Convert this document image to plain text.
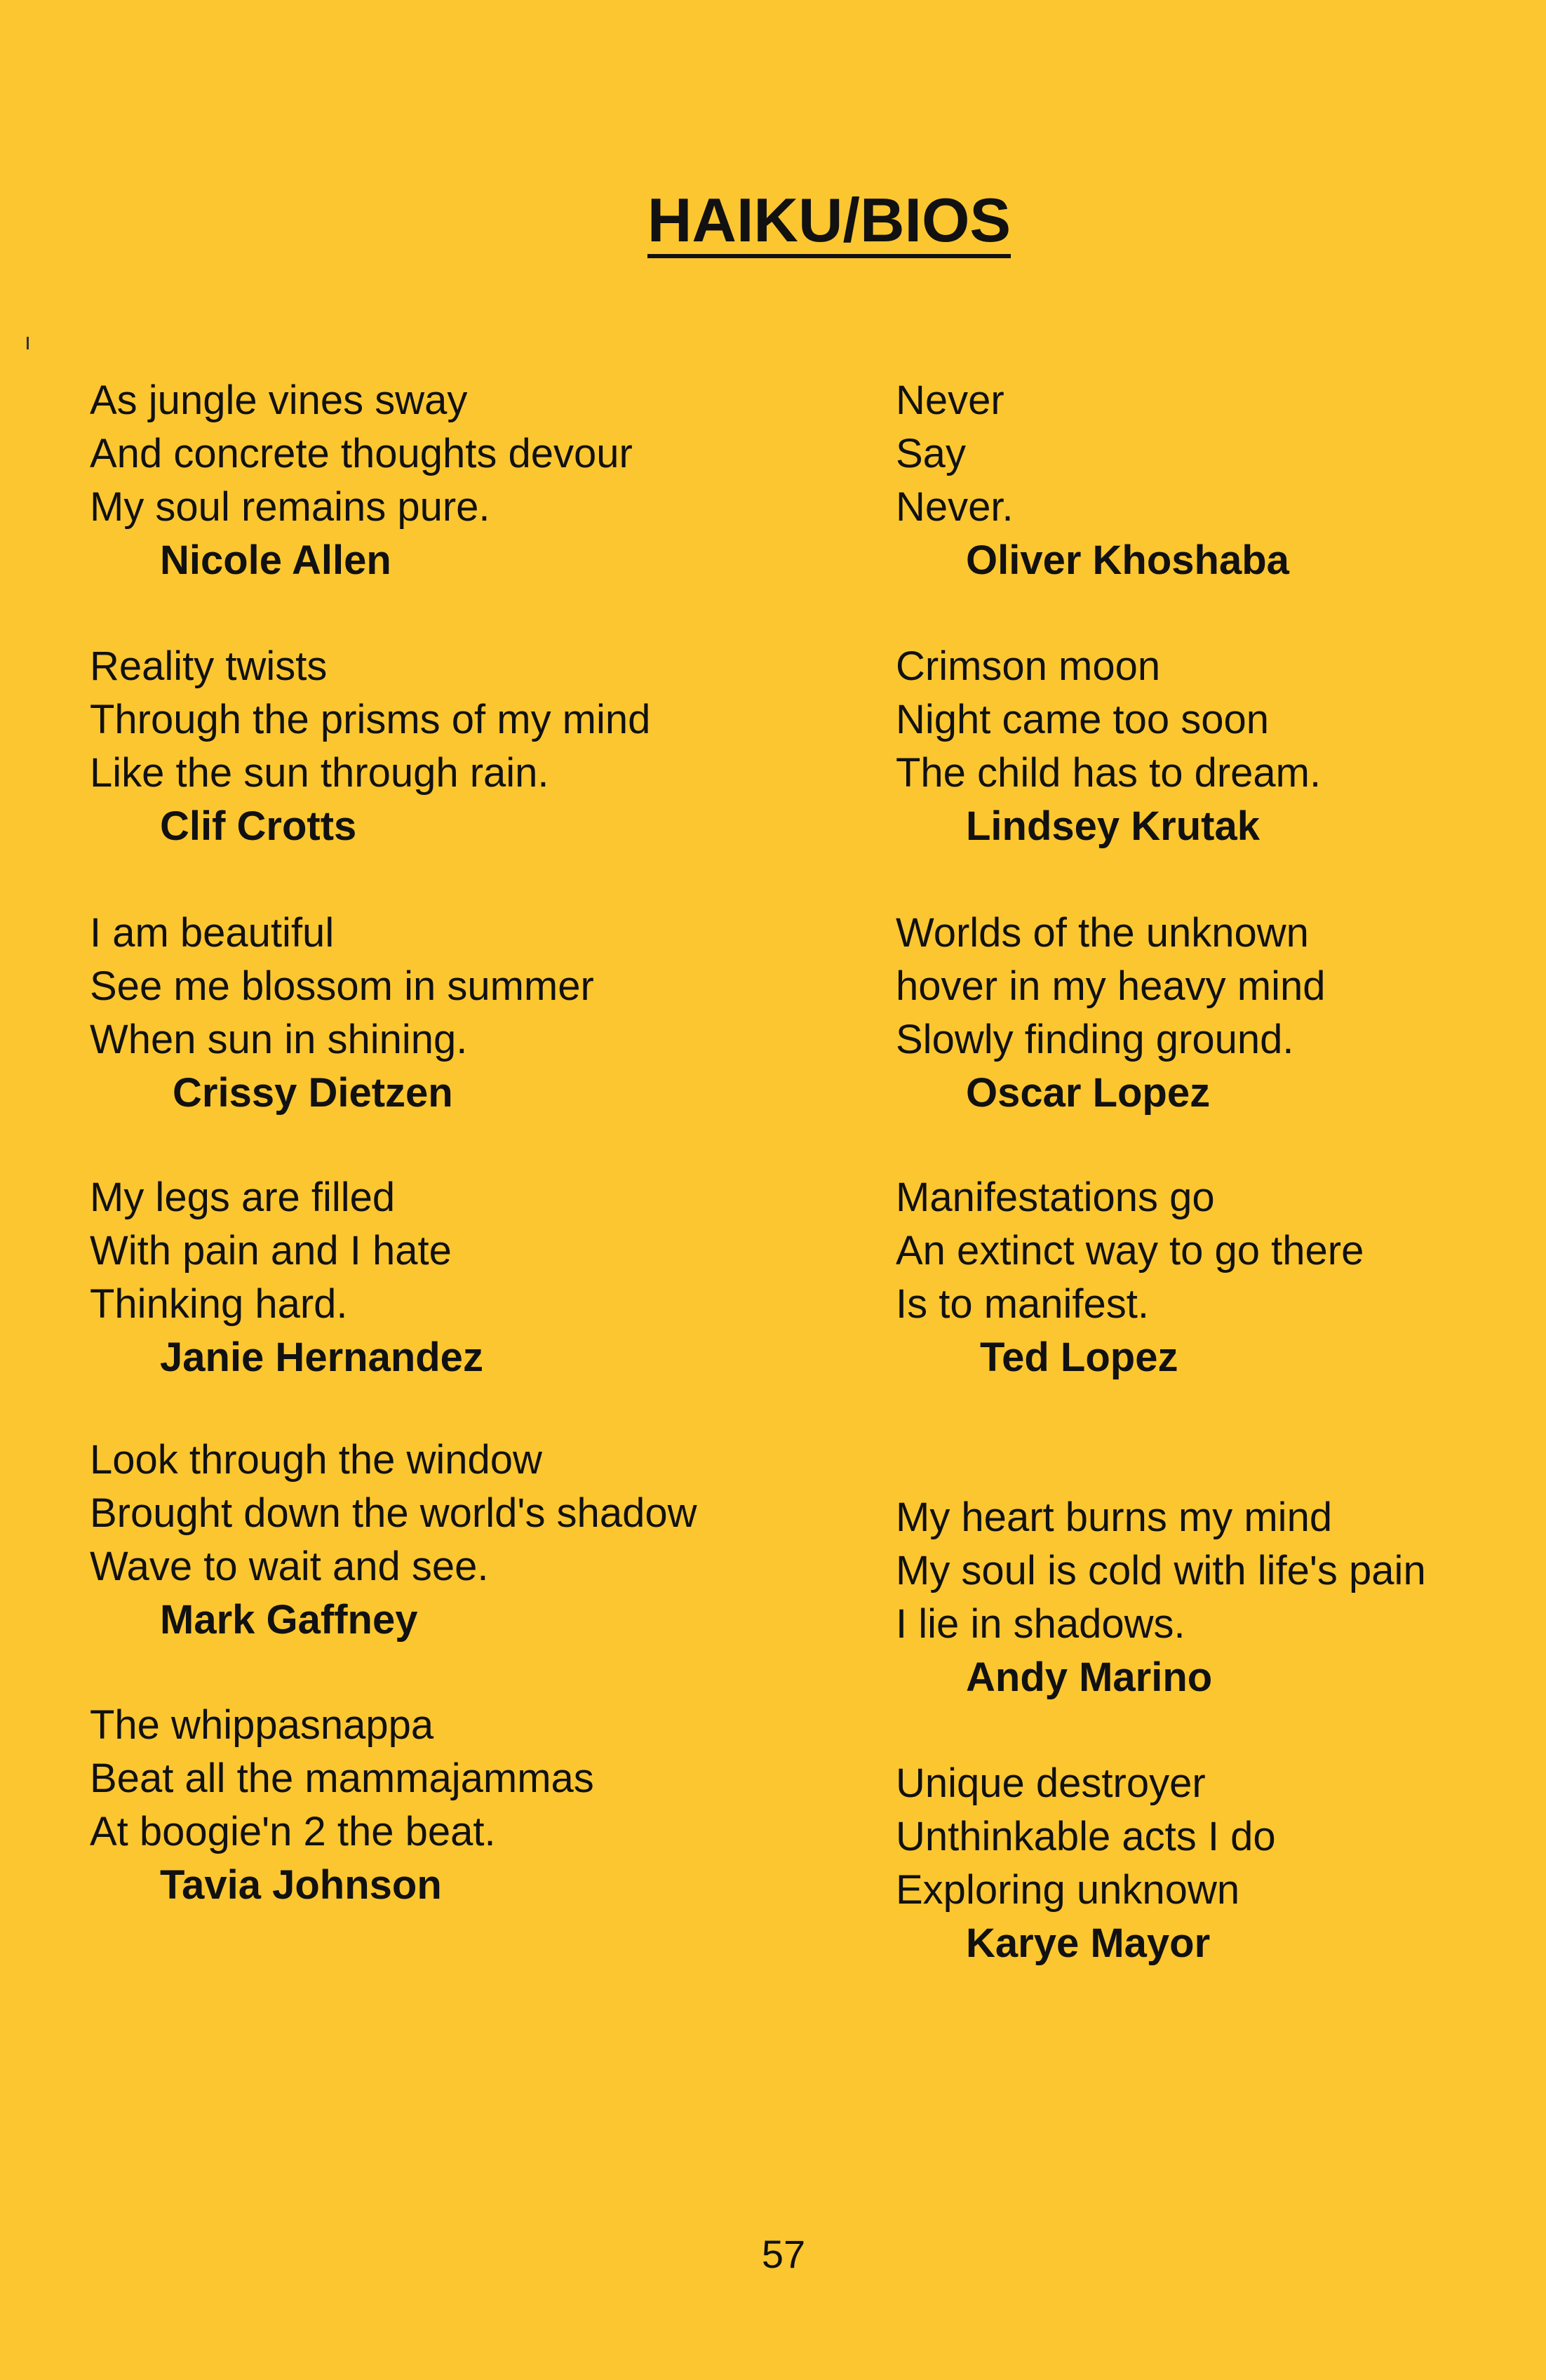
HAIKU/BIOS
As jungle vines sway
And concrete thoughts devour
My soul remains pure.
Nicole Allen
Reality twists
Through the prisms of my mind
Like the sun through rain.
Clif Crotts
I am beautiful
See me blossom in summer
When sun in shining.
Crissy Dietzen
My legs are filled
With pain and I hate
Thinking hard.
Janie Hernandez
Look through the window
Brought down the world's shadow
Wave to wait and see.
Mark Gaffney
The whippasnappa
Beat all the mammajammas
At boogie'n 2 the beat.
Tavia Johnson
Never
Say
Never.
Oliver Khoshaba
Crimson moon
Night came too soon
The child has to dream.
Lindsey Krutak
Worlds of the unknown
hover in my heavy mind
Slowly finding ground.
Oscar Lopez
Manifestations go
An extinct way to go there
Is to manifest.
Ted Lopez
My heart burns my mind
My soul is cold with life's pain
I lie in shadows.
Andy Marino
Unique destroyer
Unthinkable acts I do
Exploring unknown
Karye Mayor
57
